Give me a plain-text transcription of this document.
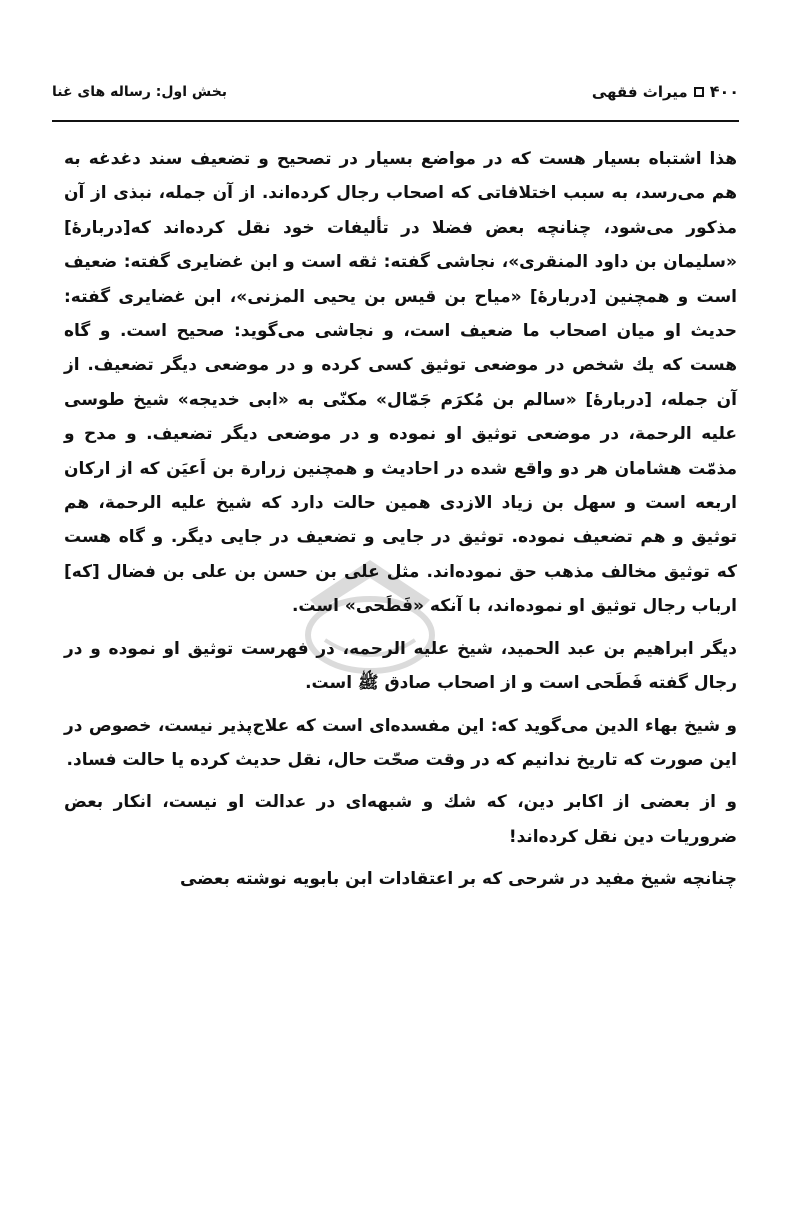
۴۰۰
میراث فقهی
بخش اول: رساله های غنا

هذا اشتباه بسیار هست که در مواضع بسیار در تصحیح و تضعیف سند دغدغه به هم می‌رسد، به سبب اختلافاتی که اصحاب رجال کرده‌اند. از آن جمله، نبذی از آن مذکور می‌شود، چنانچه بعض فضلا در تألیفات خود نقل کرده‌اند که[دربارهٔ] «سلیمان بن داود المنقری»، نجاشی گفته: ثقه است و ابن غضایری گفته: ضعیف است و همچنین [دربارهٔ] «میاح بن قیس بن یحیی المزنی»، ابن غضایری گفته: حدیث او میان اصحاب ما ضعیف است، و نجاشی می‌گوید: صحیح است. و گاه هست که یك شخص در موضعی توثیق کسی کرده و در موضعی دیگر تضعیف. از آن جمله، [دربارهٔ] «سالم بن مُکرَم جَمّال» مکنّی به «ابی خدیجه» شیخ طوسی علیه الرحمة، در موضعی توثیق او نموده و در موضعی دیگر تضعیف. و مدح و مذمّت هشامان هر دو واقع شده در احادیث و همچنین زرارة بن اَعیَن که از ارکان اربعه است و سهل بن زیاد الازدی همین حالت دارد که شیخ علیه الرحمة، هم توثیق و هم تضعیف نموده. توثیق در جایی و تضعیف در جایی دیگر. و گاه هست که توثیق مخالف مذهب حق نموده‌اند. مثل علی بن حسن بن علی بن فضال [که] ارباب رجال توثیق او نموده‌اند، با آنکه «فَطَحی» است.

دیگر ابراهیم بن عبد الحمید، شیخ علیه الرحمه، در فهرست توثیق او نموده و در رجال گفته فَطَحی است و از اصحاب صادق ﷺ است.

و شیخ بهاء الدین می‌گوید که: این مفسده‌ای است که علاج‌پذیر نیست، خصوص در این صورت که تاریخ ندانیم که در وقت صحّت حال، نقل حدیث کرده یا حالت فساد.

و از بعضی از اکابر دین، که شك و شبهه‌ای در عدالت او نیست، انکار بعض ضروریات دین نقل کرده‌اند!

چنانچه شیخ مفید در شرحی که بر اعتقادات ابن بابویه نوشته بعضی
